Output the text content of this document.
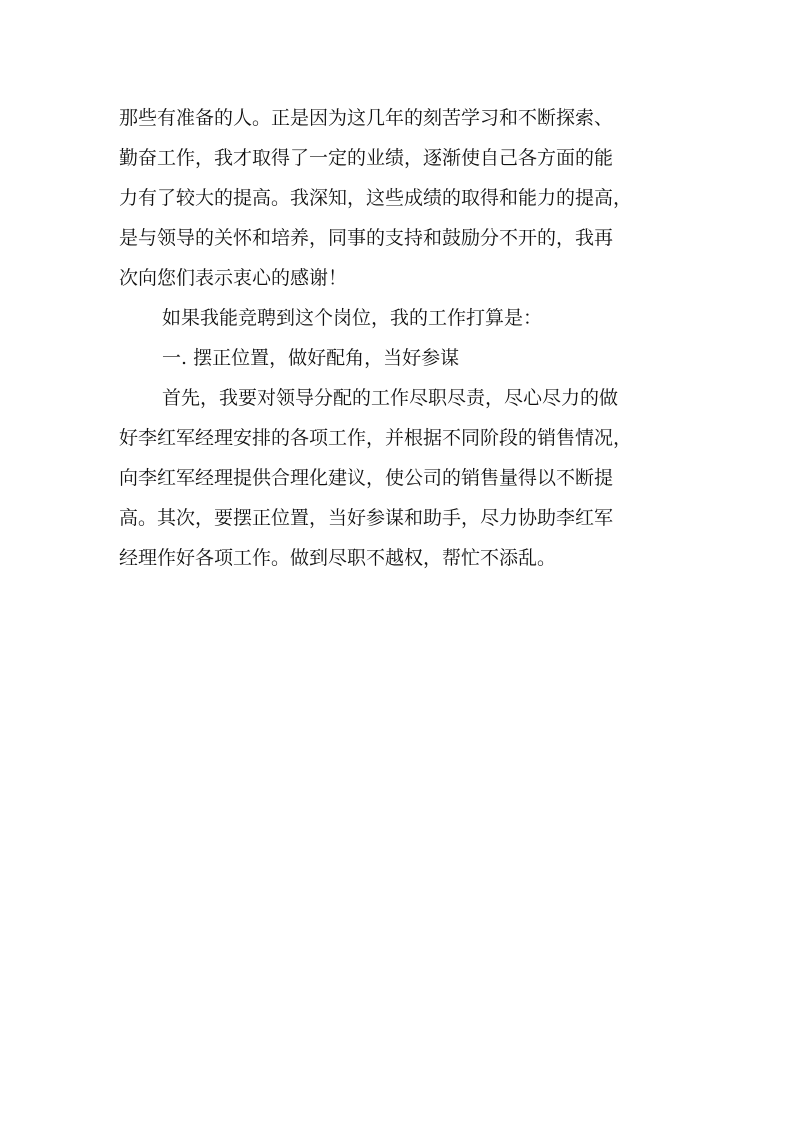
那些有准备的人。正是因为这几年的刻苦学习和不断探索、
勤奋工作，我才取得了一定的业绩，逐渐使自己各方面的能
力有了较大的提高。我深知，这些成绩的取得和能力的提高，
是与领导的关怀和培养，同事的支持和鼓励分不开的，我再
次向您们表示衷心的感谢！
如果我能竞聘到这个岗位，我的工作打算是：
一. 摆正位置，做好配角，当好参谋
首先，我要对领导分配的工作尽职尽责，尽心尽力的做
好李红军经理安排的各项工作，并根据不同阶段的销售情况，
向李红军经理提供合理化建议，使公司的销售量得以不断提
高。其次，要摆正位置，当好参谋和助手，尽力协助李红军
经理作好各项工作。做到尽职不越权，帮忙不添乱。
